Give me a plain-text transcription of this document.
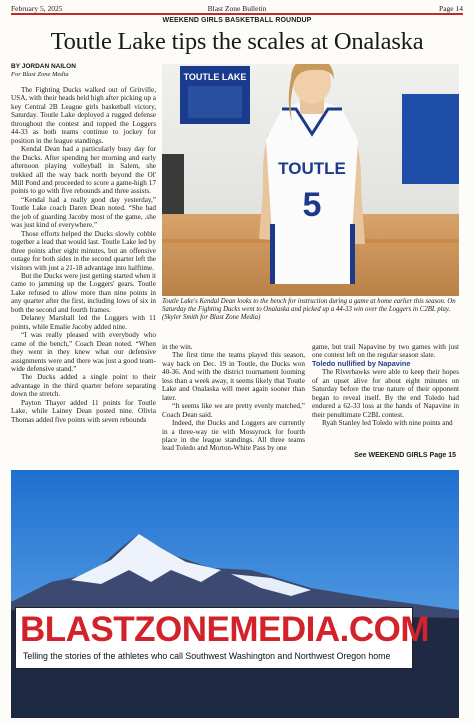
February 5, 2025	Blast Zone Bulletin	Page 14
WEEKEND GIRLS BASKETBALL ROUNDUP
Toutle Lake tips the scales at Onalaska
BY JORDAN NAILON
For Blast Zone Media

The Fighting Ducks walked out of Gritville, USA, with their heads held high after picking up a key Central 2B League girls basketball victory, Saturday. Toutle Lake deployed a rugged defense throughout the contest and topped the Loggers 44-33 as both teams continue to jockey for position in the league standings.

Kendal Dean had a particularly busy day for the Ducks. After spending her morning and early afternoon playing volleyball in Salem, she trekked all the way back north beyond the Ol' Mill Pond and proceeded to score a game-high 17 points to go with five rebounds and three assists.

“Kendal had a really good day yesterday,” Toutle Lake coach Daren Dean noted. “She had the job of guarding Jacoby most of the game, .she was just kind of everywhere.”

Those efforts helped the Ducks slowly cobble together a lead that would last. Toutle Lake led by three points after eight minutes, but an offensive outage for both sides in the second quarter left the visitors with just a 21-18 advantage into halftime.

But the Ducks were just getting started when it came to jamming up the Loggers' gears. Toutle Lake refused to allow more than nine points in any quarter after the first, including lows of six in both the second and fourth frames.

Delaney Marshall led the Loggers with 11 points, while Emalie Jacoby added nine.

“I was really pleased with everybody who came of the bench,” Coach Dean noted. “When they went in they knew what our defensive assignments were and there was just a good team-wide defensive stand.”

The Ducks added a single point to their advantage in the third quarter before separating down the stretch.

Payton Thayer added 11 points for Toutle Lake, while Lainey Dean posted nine. Olivia Thomas added five points with seven rebounds

TOUTLE LAKE
TOUTLE
5
Toutle Lake's Kendal Dean looks to the bench for instruction during a game at home earlier this season. On Saturday the Fighting Ducks went to Onalaska and picked up a 44-33 win over the Loggers in C2BL play. (Skyler Smith for Blast Zone Media)

in the win.

The first time the teams played this season, way back on Dec. 19 in Toutle, the Ducks won 40-36. And with the district tournament looming less than a week away, it seems likely that Toutle Lake and Onalaska will meet again sooner than later.

“It seems like we are pretty evenly matched,” Coach Dean said.

Indeed, the Ducks and Loggers are currently in a three-way tie with Mossyrock for fourth place in the league standings. All three teams lead Toledo and Morton-White Pass by one

game, but trail Napavine by two games with just one contest left on the regular season slate.

Toledo nullified by Napavine

The Riverhawks were able to keep their hopes of an upset alive for about eight minutes on Saturday before the true nature of their opponent began to reveal itself. By the end Toledo had endured a 62-33 loss at the hands of Napavine in their penultimate C2BL contest.

Ryah Stanley led Toledo with nine points and

See WEEKEND GIRLS Page 15
BLASTZONEMEDIA.COM
Telling the stories of the athletes who call Southwest Washington and Northwest Oregon home
